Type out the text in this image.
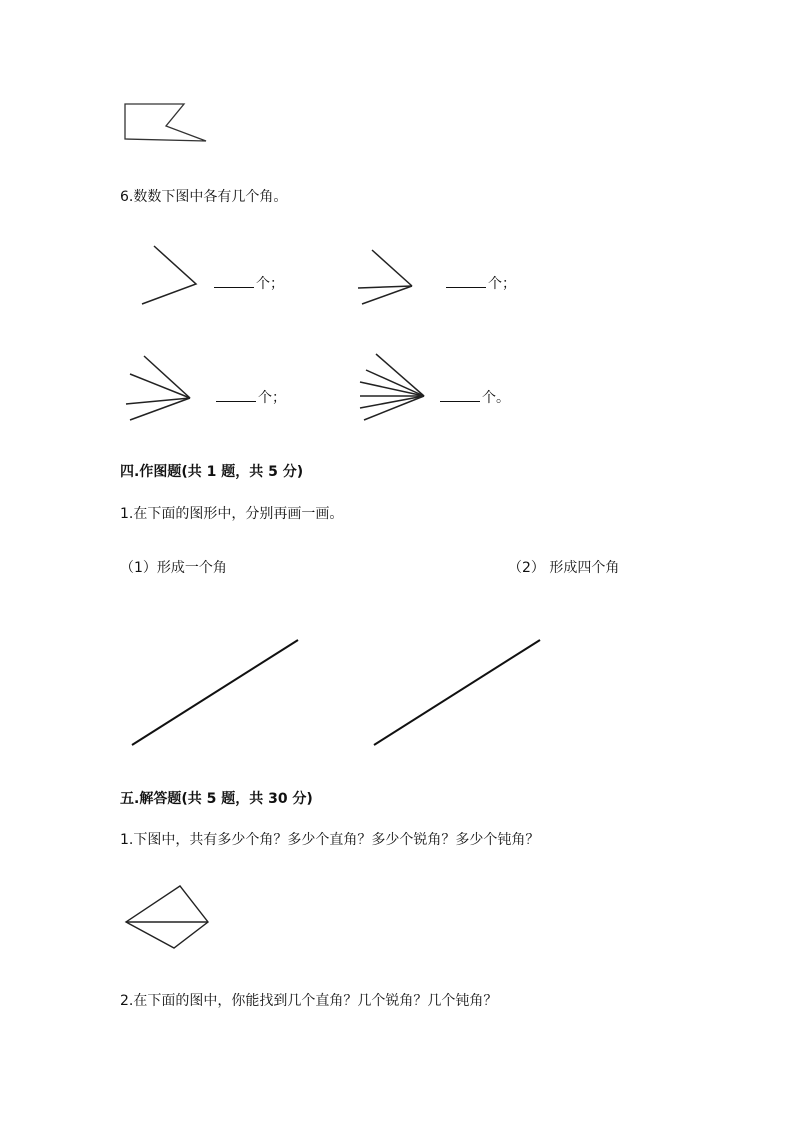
6.数数下图中各有几个角。
个；	个；
个；	个。
四.作图题(共 1 题，共 5 分)
1.在下面的图形中，分别再画一画。
（1）形成一个角	（2） 形成四个角
五.解答题(共 5 题，共 30 分)
1.下图中，共有多少个角？多少个直角？多少个锐角？多少个钝角？
2.在下面的图中，你能找到几个直角？几个锐角？几个钝角？
